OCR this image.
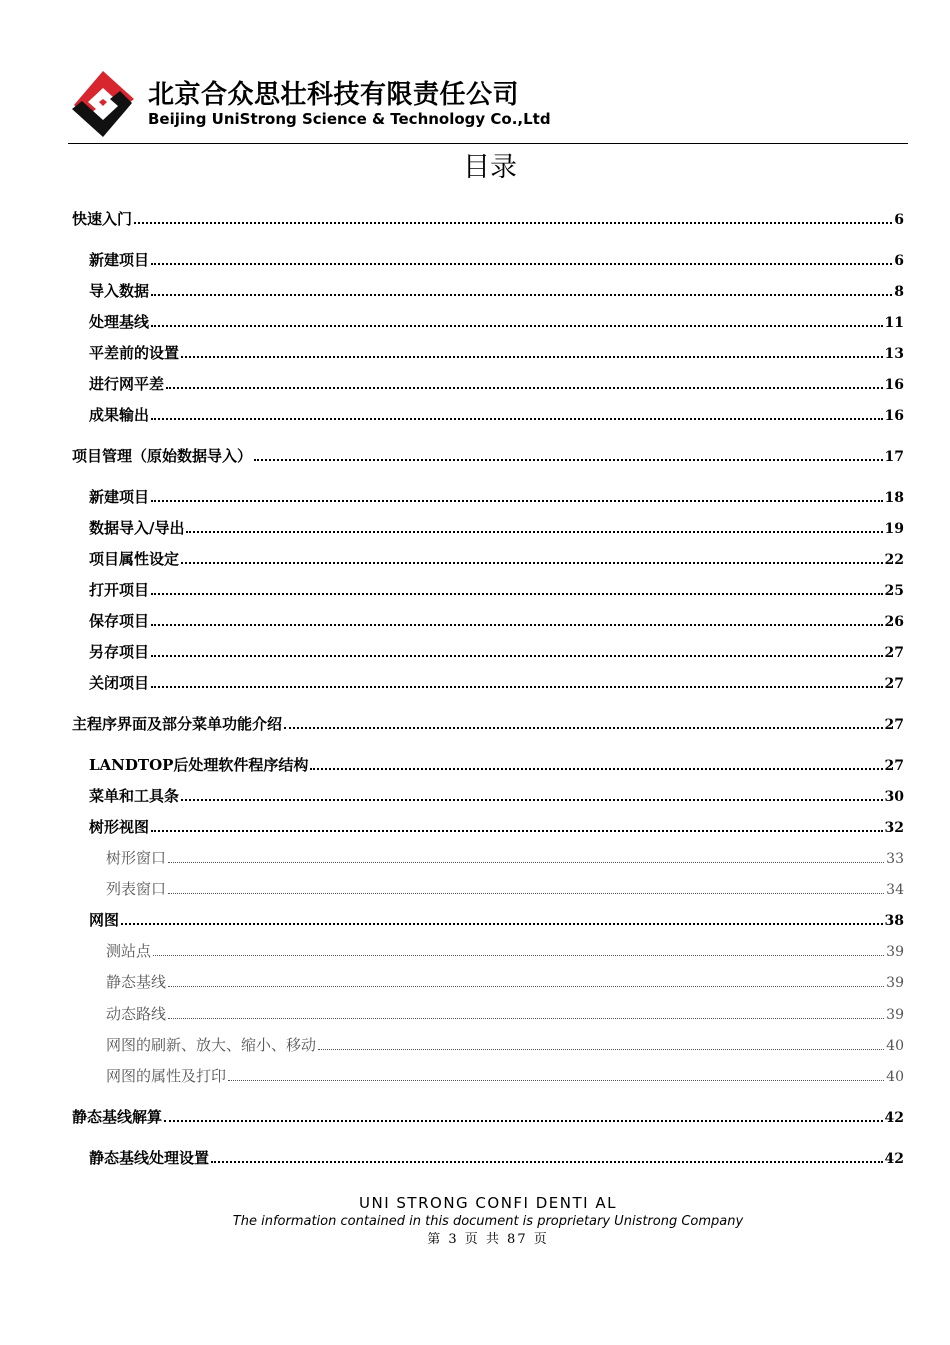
北京合众思壮科技有限责任公司
Beijing UniStrong Science & Technology Co.,Ltd
目录
快速入门	6
新建项目	6
导入数据	8
处理基线	11
平差前的设置	13
进行网平差	16
成果输出	16
项目管理（原始数据导入）	17
新建项目	18
数据导入/导出	19
项目属性设定	22
打开项目	25
保存项目	26
另存项目	27
关闭项目	27
主程序界面及部分菜单功能介绍	27
LANDTOP后处理软件程序结构	27
菜单和工具条	30
树形视图	32
树形窗口	33
列表窗口	34
网图	38
测站点	39
静态基线	39
动态路线	39
网图的刷新、放大、缩小、移动	40
网图的属性及打印	40
静态基线解算	42
静态基线处理设置	42
UNI STRONG CONFI DENTI AL
The information contained in this document is proprietary Unistrong Company
第 3 页 共 87 页
